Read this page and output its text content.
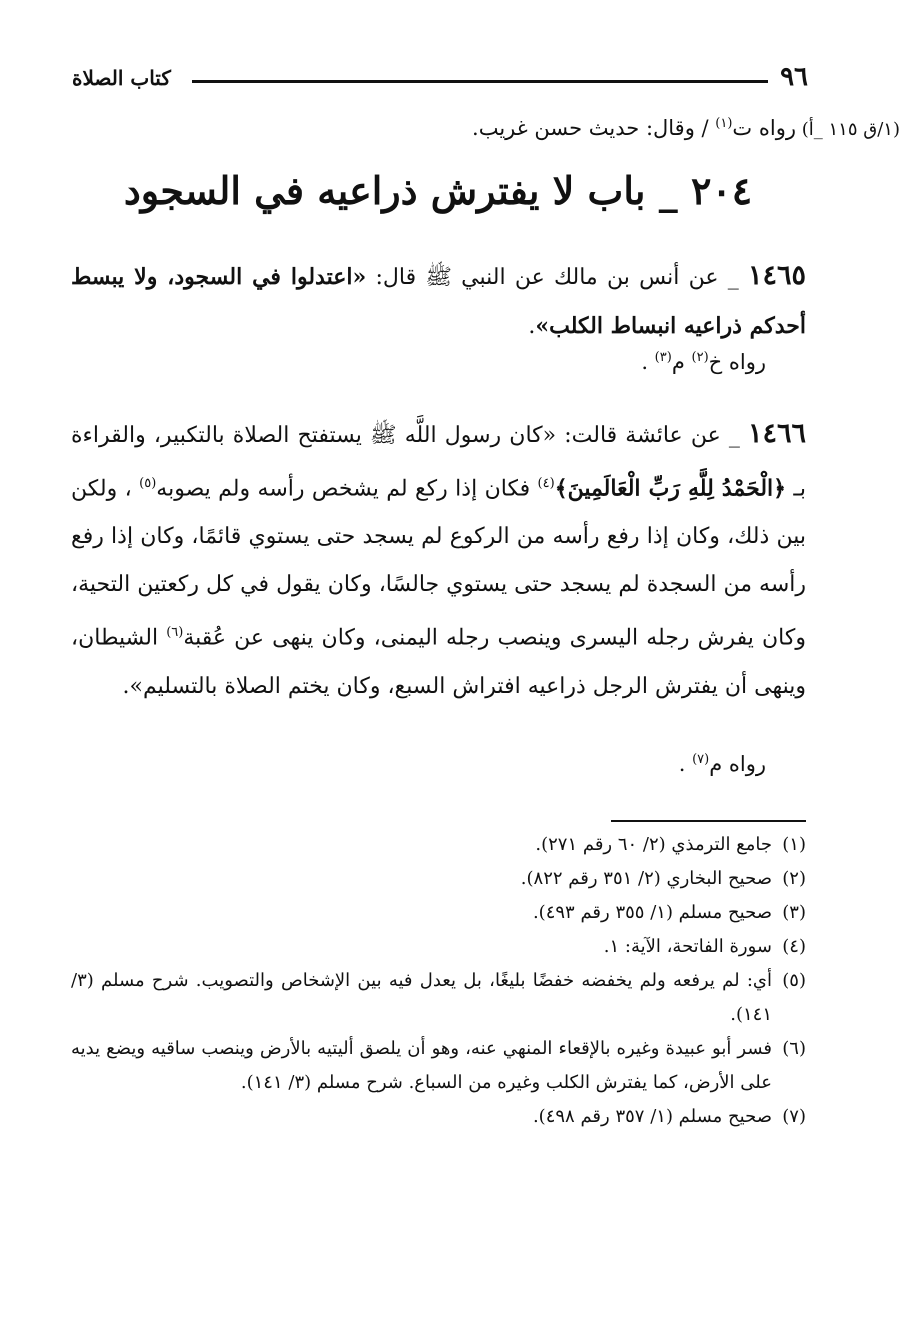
٩٦
كتاب الصلاة
رواه ت$^{(١)}$ / وقال: حديث حسن غريب.	(١/ق ١١٥ _أ)
٢٠٤ _ باب لا يفترش ذراعيه في السجود
١٤٦٥ _ عن أنس بن مالك عن النبي ﷺ قال: «اعتدلوا في السجود، ولا يبسط أحدكم ذراعيه انبساط الكلب».
رواه خ$^{(٢)}$ م$^{(٣)}$ .
١٤٦٦ _ عن عائشة قالت: «كان رسول اللَّه ﷺ يستفتح الصلاة بالتكبير، والقراءة بـ ﴿الْحَمْدُ لِلَّهِ رَبِّ الْعَالَمِينَ﴾$^{(٤)}$ فكان إذا ركع لم يشخص رأسه ولم يصوبه$^{(٥)}$ ، ولكن بين ذلك، وكان إذا رفع رأسه من الركوع لم يسجد حتى يستوي قائمًا، وكان إذا رفع رأسه من السجدة لم يسجد حتى يستوي جالسًا، وكان يقول في كل ركعتين التحية، وكان يفرش رجله اليسرى وينصب رجله اليمنى، وكان ينهى عن عُقبة$^{(٦)}$ الشيطان، وينهى أن يفترش الرجل ذراعيه افتراش السبع، وكان يختم الصلاة بالتسليم».
رواه م$^{(٧)}$ .
(١)
جامع الترمذي (٢/ ٦٠ رقم ٢٧١).
(٢)
صحيح البخاري (٢/ ٣٥١ رقم ٨٢٢).
(٣)
صحيح مسلم (١/ ٣٥٥ رقم ٤٩٣).
(٤)
سورة الفاتحة، الآية: ١.
(٥)
أي: لم يرفعه ولم يخفضه خفضًا بليغًا، بل يعدل فيه بين الإشخاص والتصويب. شرح مسلم (٣/ ١٤١).
(٦)
فسر أبو عبيدة وغيره بالإقعاء المنهي عنه، وهو أن يلصق أليتيه بالأرض وينصب ساقيه ويضع يديه على الأرض، كما يفترش الكلب وغيره من السباع. شرح مسلم (٣/ ١٤١).
(٧)
صحيح مسلم (١/ ٣٥٧ رقم ٤٩٨).
